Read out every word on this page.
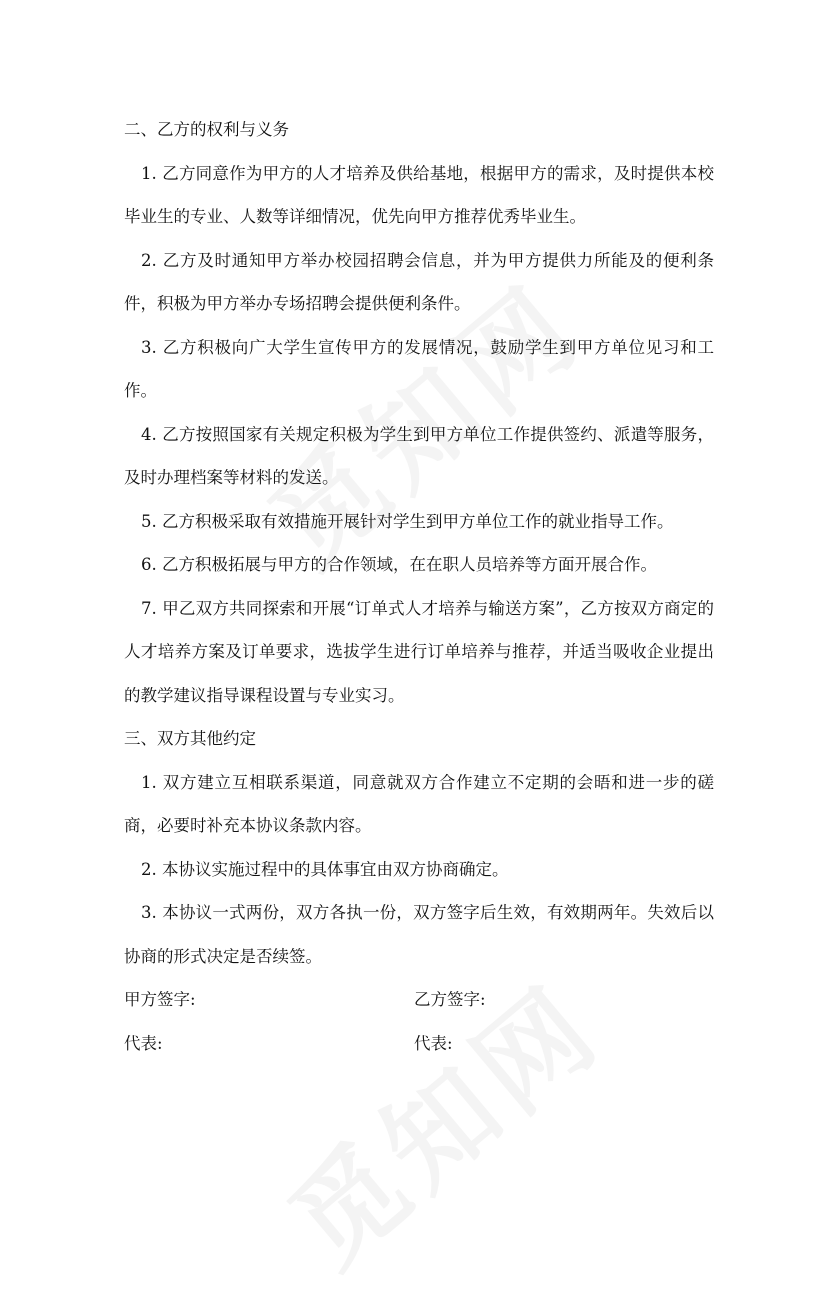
二、乙方的权利与义务

1. 乙方同意作为甲方的人才培养及供给基地，根据甲方的需求，及时提供本校毕业生的专业、人数等详细情况，优先向甲方推荐优秀毕业生。

2. 乙方及时通知甲方举办校园招聘会信息，并为甲方提供力所能及的便利条件，积极为甲方举办专场招聘会提供便利条件。

3. 乙方积极向广大学生宣传甲方的发展情况，鼓励学生到甲方单位见习和工作。

4. 乙方按照国家有关规定积极为学生到甲方单位工作提供签约、派遣等服务，及时办理档案等材料的发送。

5. 乙方积极采取有效措施开展针对学生到甲方单位工作的就业指导工作。

6. 乙方积极拓展与甲方的合作领域，在在职人员培养等方面开展合作。

7. 甲乙双方共同探索和开展“订单式人才培养与输送方案”，乙方按双方商定的人才培养方案及订单要求，选拔学生进行订单培养与推荐，并适当吸收企业提出的教学建议指导课程设置与专业实习。

三、双方其他约定

1. 双方建立互相联系渠道，同意就双方合作建立不定期的会晤和进一步的磋商，必要时补充本协议条款内容。

2. 本协议实施过程中的具体事宜由双方协商确定。

3. 本协议一式两份，双方各执一份，双方签字后生效，有效期两年。失效后以协商的形式决定是否续签。

甲方签字:	乙方签字:
代表:	代表:
